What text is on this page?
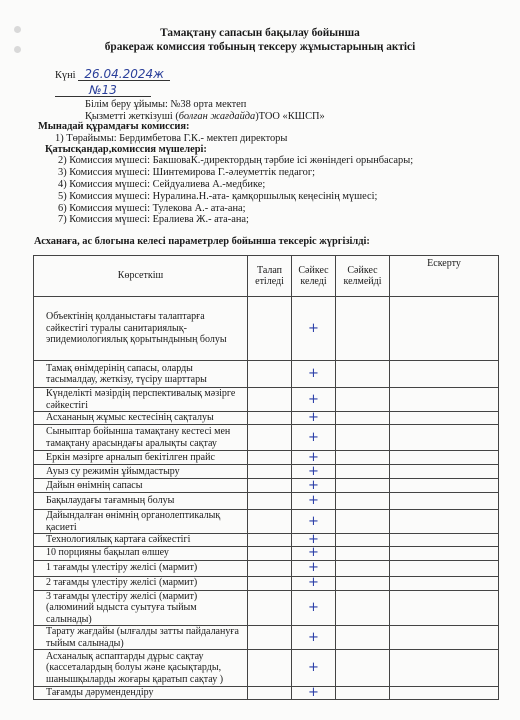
Тамақтану сапасын бақылау бойынша
бракераж комиссия тобының тексеру жұмыстарының актісі
Күні 26.04.2024ж
№13
Білім беру ұйымы: №38 орта мектеп
Қызметті жеткізуші (болған жағдайда)ТОО «КШСП»
Мынадай құрамдағы комиссия:
1) Төрайымы: Бердимбетова Г.К.- мектеп директоры
Қатысқандар,комиссия мүшелері:
2) Комиссия мүшесі: БакшоваК.-директордың тәрбие ісі жөніндегі орынбасары;
3) Комиссия мүшесі: Шинтемирова Г.-әлеуметтік педагог;
4) Комиссия мүшесі: Сейдуалиева А.-медбике;
5) Комиссия мүшесі: Нуралина.Н.-ата- қамқоршылық кеңесінің мүшесі;
6) Комиссия мүшесі: Тулекова А.- ата-ана;
7) Комиссия мүшесі: Ералиева Ж.- ата-ана;
Асханаға, ас блогына келесі параметрлер бойынша тексеріс жүргізілді:
Көрсеткіш	Талап етіледі	Сәйкес келеді	Сәйкес келмейді	Ескерту
Объектінің қолданыстағы талаптарға сәйкестігі туралы санитариялық-эпидемиологиялық қорытындының болуы		+		
Тамақ өнімдерінің сапасы, оларды тасымалдау, жеткізу, түсіру шарттары		+		
Күнделікті мәзірдің перспективалық мәзірге сәйкестігі		+		
Асхананың жұмыс кестесінің сақталуы		+		
Сыныптар бойынша тамақтану кестесі мен тамақтану арасындағы аралықты сақтау		+		
Еркін мәзірге арналып бекітілген прайс		+		
Ауыз су режимін ұйымдастыру		+		
Дайын өнімнің сапасы		+		
Бақылаудағы тағамның болуы		+		
Дайындалған өнімнің органолептикалық қасиеті		+		
Технологиялық картаға сәйкестігі		+		
10 порцияны бақылап өлшеу		+		
1 тағамды үлестіру желісі (мармит)		+		
2 тағамды үлестіру желісі (мармит)		+		
3 тағамды үлестіру желісі (мармит) (алюминий ыдыста суытуға тыйым салынады)		+		
Тарату жағдайы (ылғалды затты пайдалануға тыйым салынады)		+		
Асханалық аспаптарды дұрыс сақтау (кассеталардың болуы және қасықтарды, шанышқыларды жоғары қаратып сақтау )		+		
Тағамды дәрумендендіру		+		
